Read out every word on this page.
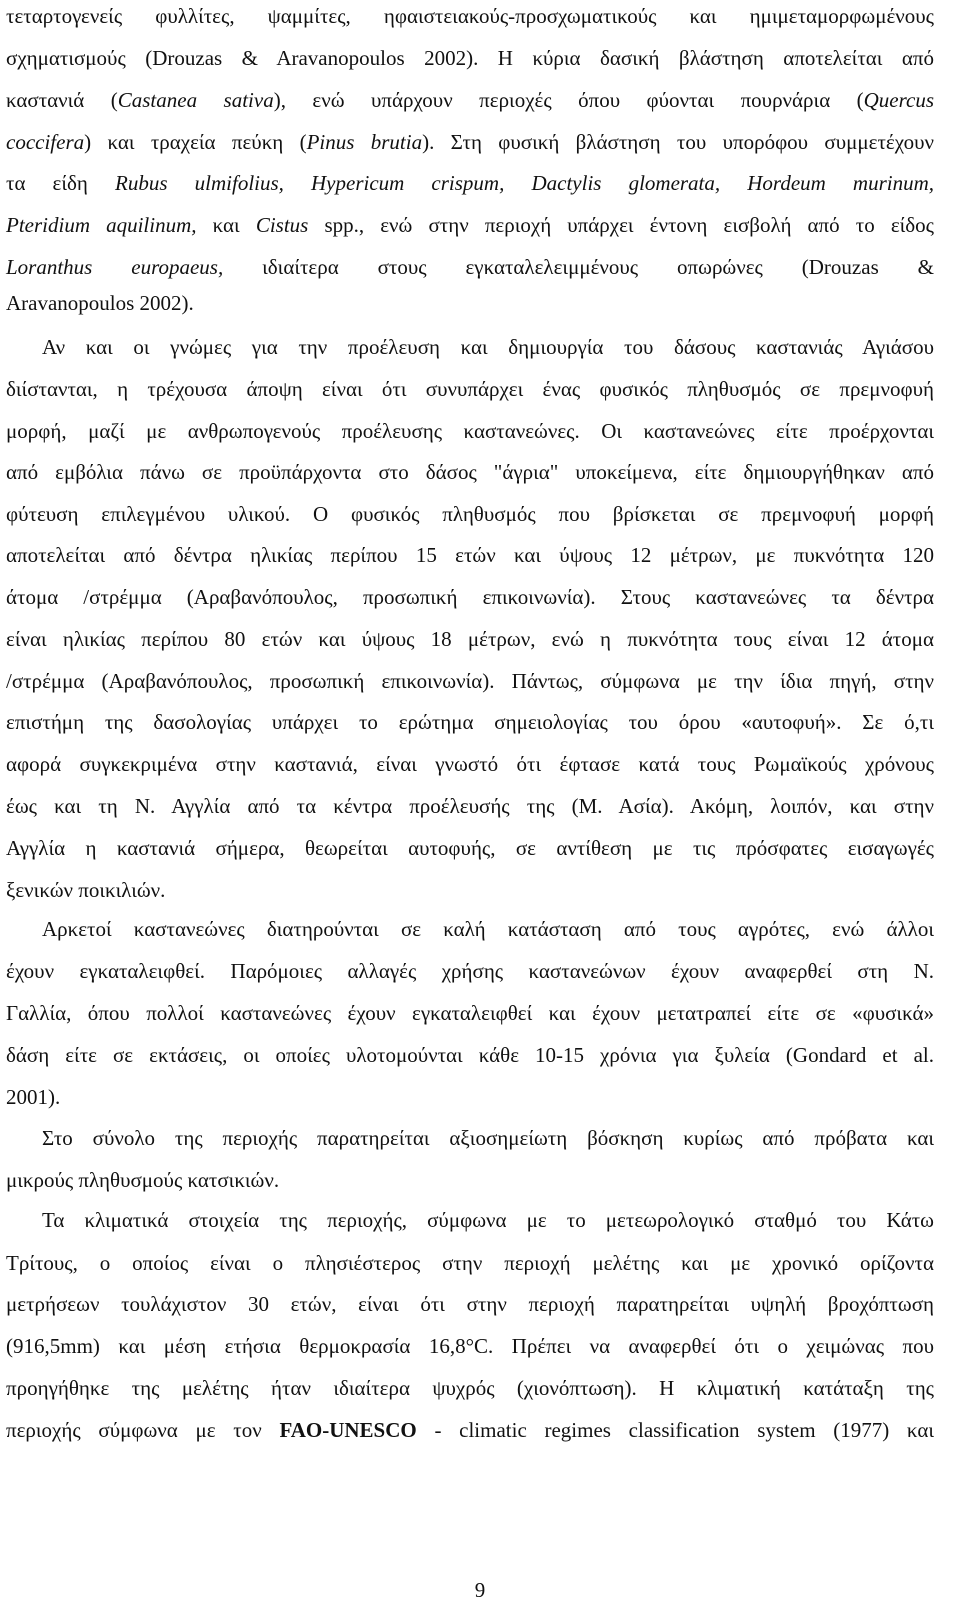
τεταρτογενείς φυλλίτες, ψαμμίτες, ηφαιστειακούς-προσχωματικούς και ημιμεταμορφωμένους
σχηματισμούς (Drouzas & Aravanopoulos 2002). Η κύρια δασική βλάστηση αποτελείται από
καστανιά (Castanea sativa), ενώ υπάρχουν περιοχές όπου φύονται πουρνάρια (Quercus
coccifera) και τραχεία πεύκη (Pinus brutia). Στη φυσική βλάστηση του υπορόφου συμμετέχουν
τα είδη Rubus ulmifolius, Hypericum crispum, Dactylis glomerata, Hordeum murinum,
Pteridium aquilinum, και Cistus spp., ενώ στην περιοχή υπάρχει έντονη εισβολή από το είδος
Loranthus europaeus, ιδιαίτερα στους εγκαταλελειμμένους οπωρώνες (Drouzas &
Aravanopoulos 2002).
Αν και οι γνώμες για την προέλευση και δημιουργία του δάσους καστανιάς Αγιάσου
διίστανται, η τρέχουσα άποψη είναι ότι συνυπάρχει ένας φυσικός πληθυσμός σε πρεμνοφυή
μορφή, μαζί με ανθρωπογενούς προέλευσης καστανεώνες. Οι καστανεώνες είτε προέρχονται
από εμβόλια πάνω σε προϋπάρχοντα στο δάσος "άγρια" υποκείμενα, είτε δημιουργήθηκαν από
φύτευση επιλεγμένου υλικού. Ο φυσικός πληθυσμός που βρίσκεται σε πρεμνοφυή μορφή
αποτελείται από δέντρα ηλικίας περίπου 15 ετών και ύψους 12 μέτρων, με πυκνότητα 120
άτομα /στρέμμα (Αραβανόπουλος, προσωπική επικοινωνία). Στους καστανεώνες τα δέντρα
είναι ηλικίας περίπου 80 ετών και ύψους 18 μέτρων, ενώ η πυκνότητα τους είναι 12 άτομα
/στρέμμα (Αραβανόπουλος, προσωπική επικοινωνία). Πάντως, σύμφωνα με την ίδια πηγή, στην
επιστήμη της δασολογίας υπάρχει το ερώτημα σημειολογίας του όρου «αυτοφυή». Σε ό,τι
αφορά συγκεκριμένα στην καστανιά, είναι γνωστό ότι έφτασε κατά τους Ρωμαϊκούς χρόνους
έως και τη Ν. Αγγλία από τα κέντρα προέλευσής της (Μ. Ασία). Ακόμη, λοιπόν, και στην
Αγγλία η καστανιά σήμερα, θεωρείται αυτοφυής, σε αντίθεση με τις πρόσφατες εισαγωγές
ξενικών ποικιλιών.
Αρκετοί καστανεώνες διατηρούνται σε καλή κατάσταση από τους αγρότες, ενώ άλλοι
έχουν εγκαταλειφθεί. Παρόμοιες αλλαγές χρήσης καστανεώνων έχουν αναφερθεί στη Ν.
Γαλλία, όπου πολλοί καστανεώνες έχουν εγκαταλειφθεί και έχουν μετατραπεί είτε σε «φυσικά»
δάση είτε σε εκτάσεις, οι οποίες υλοτομούνται κάθε 10-15 χρόνια για ξυλεία (Gondard et al.
2001).
Στο σύνολο της περιοχής παρατηρείται αξιοσημείωτη βόσκηση κυρίως από πρόβατα και
μικρούς πληθυσμούς κατσικιών.
Τα κλιματικά στοιχεία της περιοχής, σύμφωνα με το μετεωρολογικό σταθμό του Κάτω
Τρίτους, ο οποίος είναι ο πλησιέστερος στην περιοχή μελέτης και με χρονικό ορίζοντα
μετρήσεων τουλάχιστον 30 ετών, είναι ότι στην περιοχή παρατηρείται υψηλή βροχόπτωση
(916,5mm) και μέση ετήσια θερμοκρασία 16,8°C. Πρέπει να αναφερθεί ότι ο χειμώνας που
προηγήθηκε της μελέτης ήταν ιδιαίτερα ψυχρός (χιονόπτωση). Η κλιματική κατάταξη της
περιοχής σύμφωνα με τον FAO-UNESCO - climatic regimes classification system (1977) και
9
